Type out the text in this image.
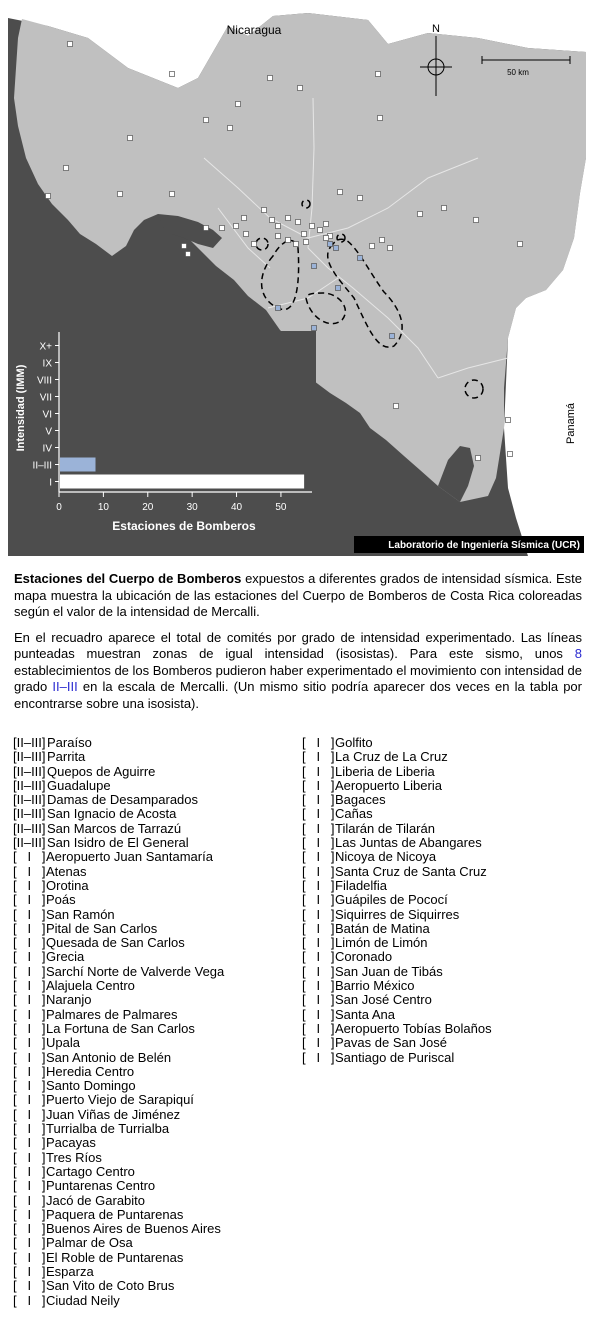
N
50 km
Nicaragua
Panamá
Laboratorio de Ingeniería Sísmica (UCR)
I
II–III
IV
V
VI
VII
VIII
IX
X+
0	10	20	30	40	50
Intensidad (IMM)
Estaciones de Bomberos

Estaciones del Cuerpo de Bomberos expuestos a diferentes grados de intensidad sísmica. Este mapa muestra la ubicación de las estaciones del Cuerpo de Bomberos de Costa Rica coloreadas según el valor de la intensidad de Mercalli.

En el recuadro aparece el total de comités por grado de intensidad experimentado. Las líneas punteadas muestran zonas de igual intensidad (isosistas). Para este sismo, unos 8 establecimientos de los Bomberos pudieron haber experimentado el movimiento con intensidad de grado II–III en la escala de Mercalli. (Un mismo sitio podría aparecer dos veces en la tabla por encontrarse sobre una isosista).

[II–III]Paraíso
[II–III]Parrita
[II–III]Quepos de Aguirre
[II–III]Guadalupe
[II–III]Damas de Desamparados
[II–III]San Ignacio de Acosta
[II–III]San Marcos de Tarrazú
[II–III]San Isidro de El General
[   I   ]Aeropuerto Juan Santamaría
[   I   ]Atenas
[   I   ]Orotina
[   I   ]Poás
[   I   ]San Ramón
[   I   ]Pital de San Carlos
[   I   ]Quesada de San Carlos
[   I   ]Grecia
[   I   ]Sarchí Norte de Valverde Vega
[   I   ]Alajuela Centro
[   I   ]Naranjo
[   I   ]Palmares de Palmares
[   I   ]La Fortuna de San Carlos
[   I   ]Upala
[   I   ]San Antonio de Belén
[   I   ]Heredia Centro
[   I   ]Santo Domingo
[   I   ]Puerto Viejo de Sarapiquí
[   I   ]Juan Viñas de Jiménez
[   I   ]Turrialba de Turrialba
[   I   ]Pacayas
[   I   ]Tres Ríos
[   I   ]Cartago Centro
[   I   ]Puntarenas Centro
[   I   ]Jacó de Garabito
[   I   ]Paquera de Puntarenas
[   I   ]Buenos Aires de Buenos Aires
[   I   ]Palmar de Osa
[   I   ]El Roble de Puntarenas
[   I   ]Esparza
[   I   ]San Vito de Coto Brus
[   I   ]Ciudad Neily
[   I   ]Golfito
[   I   ]La Cruz de La Cruz
[   I   ]Liberia de Liberia
[   I   ]Aeropuerto Liberia
[   I   ]Bagaces
[   I   ]Cañas
[   I   ]Tilarán de Tilarán
[   I   ]Las Juntas de Abangares
[   I   ]Nicoya de Nicoya
[   I   ]Santa Cruz de Santa Cruz
[   I   ]Filadelfia
[   I   ]Guápiles de Pococí
[   I   ]Siquirres de Siquirres
[   I   ]Batán de Matina
[   I   ]Limón de Limón
[   I   ]Coronado
[   I   ]San Juan de Tibás
[   I   ]Barrio México
[   I   ]San José Centro
[   I   ]Santa Ana
[   I   ]Aeropuerto Tobías Bolaños
[   I   ]Pavas de San José
[   I   ]Santiago de Puriscal
